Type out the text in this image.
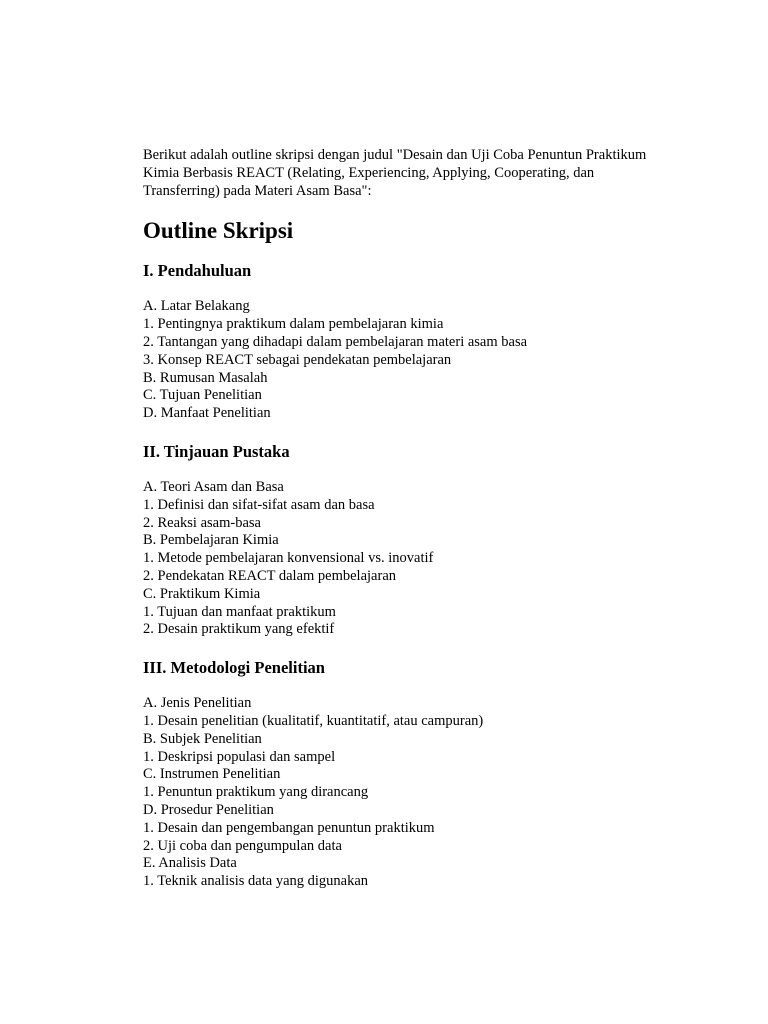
Berikut adalah outline skripsi dengan judul "Desain dan Uji Coba Penuntun Praktikum Kimia Berbasis REACT (Relating, Experiencing, Applying, Cooperating, dan Transferring) pada Materi Asam Basa":

Outline Skripsi
I. Pendahuluan
A. Latar Belakang
1. Pentingnya praktikum dalam pembelajaran kimia
2. Tantangan yang dihadapi dalam pembelajaran materi asam basa
3. Konsep REACT sebagai pendekatan pembelajaran
B. Rumusan Masalah
C. Tujuan Penelitian
D. Manfaat Penelitian
II. Tinjauan Pustaka
A. Teori Asam dan Basa
1. Definisi dan sifat-sifat asam dan basa
2. Reaksi asam-basa
B. Pembelajaran Kimia
1. Metode pembelajaran konvensional vs. inovatif
2. Pendekatan REACT dalam pembelajaran
C. Praktikum Kimia
1. Tujuan dan manfaat praktikum
2. Desain praktikum yang efektif
III. Metodologi Penelitian
A. Jenis Penelitian
1. Desain penelitian (kualitatif, kuantitatif, atau campuran)
B. Subjek Penelitian
1. Deskripsi populasi dan sampel
C. Instrumen Penelitian
1. Penuntun praktikum yang dirancang
D. Prosedur Penelitian
1. Desain dan pengembangan penuntun praktikum
2. Uji coba dan pengumpulan data
E. Analisis Data
1. Teknik analisis data yang digunakan
